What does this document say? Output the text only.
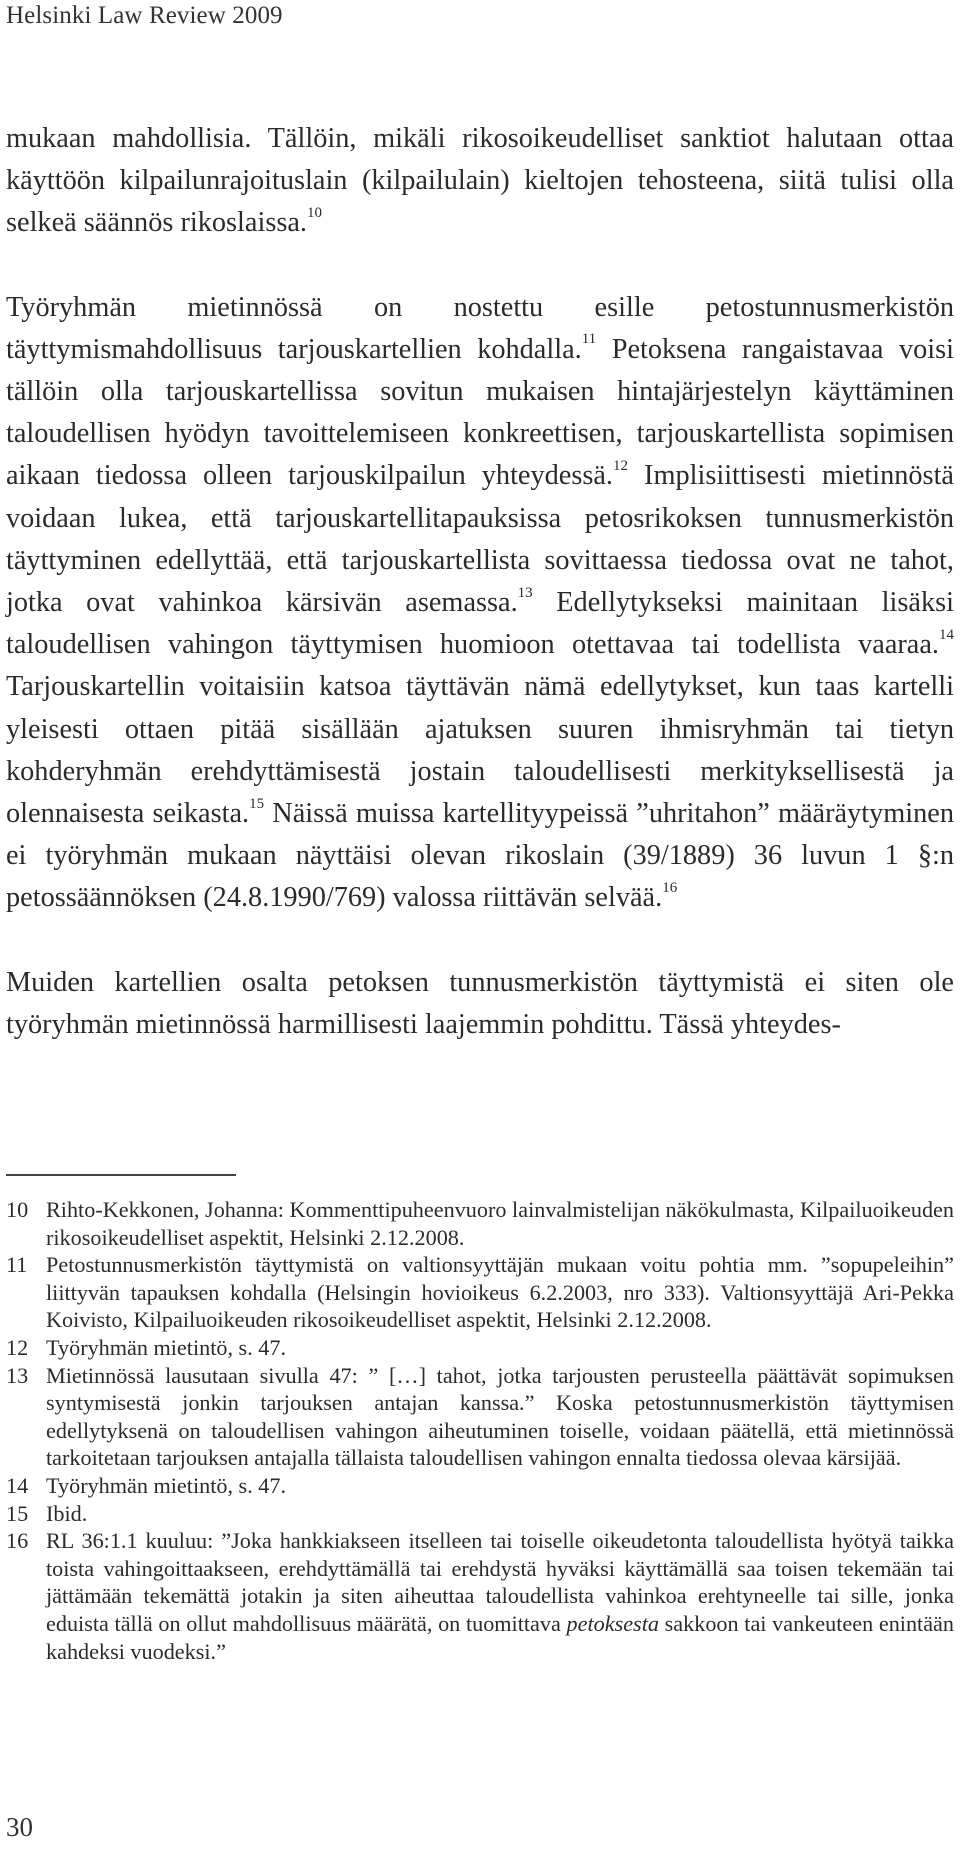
Helsinki Law Review 2009

mukaan mahdollisia. Tällöin, mikäli rikosoikeudelliset sanktiot halutaan ottaa käyttöön kilpailunrajoituslain (kilpailulain) kieltojen tehosteena, siitä tulisi olla selkeä säännös rikoslaissa.$^{10}$

Työryhmän mietinnössä on nostettu esille petostunnusmerkistön täyttymismahdollisuus tarjouskartellien kohdalla.$^{11}$ Petoksena rangaistavaa voisi tällöin olla tarjouskartellissa sovitun mukaisen hintajärjestelyn käyttäminen taloudellisen hyödyn tavoittelemiseen konkreettisen, tarjouskartellista sopimisen aikaan tiedossa olleen tarjouskilpailun yhteydessä.$^{12}$ Implisiittisesti mietinnöstä voidaan lukea, että tarjouskartellitapauksissa petosrikoksen tunnusmerkistön täyttyminen edellyttää, että tarjouskartellista sovittaessa tiedossa ovat ne tahot, jotka ovat vahinkoa kärsivän asemassa.$^{13}$ Edellytykseksi mainitaan lisäksi taloudellisen vahingon täyttymisen huomioon otettavaa tai todellista vaaraa.$^{14}$ Tarjouskartellin voitaisiin katsoa täyttävän nämä edellytykset, kun taas kartelli yleisesti ottaen pitää sisällään ajatuksen suuren ihmisryhmän tai tietyn kohderyhmän erehdyttämisestä jostain taloudellisesti merkityksellisestä ja olennaisesta seikasta.$^{15}$ Näissä muissa kartellityypeissä ”uhritahon” määräytyminen ei työryhmän mukaan näyttäisi olevan rikoslain (39/1889) 36 luvun 1 §:n petossäännöksen (24.8.1990/769) valossa riittävän selvää.$^{16}$

Muiden kartellien osalta petoksen tunnusmerkistön täyttymistä ei siten ole työryhmän mietinnössä harmillisesti laajemmin pohdittu. Tässä yhteydes-

10 Rihto-Kekkonen, Johanna: Kommenttipuheenvuoro lainvalmistelijan näkökulmasta, Kilpailuoikeuden rikosoikeudelliset aspektit, Helsinki 2.12.2008.
11 Petostunnusmerkistön täyttymistä on valtionsyyttäjän mukaan voitu pohtia mm. ”sopupeleihin” liittyvän tapauksen kohdalla (Helsingin hovioikeus 6.2.2003, nro 333). Valtionsyyttäjä Ari-Pekka Koivisto, Kilpailuoikeuden rikosoikeudelliset aspektit, Helsinki 2.12.2008.
12 Työryhmän mietintö, s. 47.
13 Mietinnössä lausutaan sivulla 47: ” […] tahot, jotka tarjousten perusteella päättävät sopimuksen syntymisestä jonkin tarjouksen antajan kanssa.” Koska petostunnusmerkistön täyttymisen edellytyksenä on taloudellisen vahingon aiheutuminen toiselle, voidaan päätellä, että mietinnössä tarkoitetaan tarjouksen antajalla tällaista taloudellisen vahingon ennalta tiedossa olevaa kärsijää.
14 Työryhmän mietintö, s. 47.
15 Ibid.
16 RL 36:1.1 kuuluu: ”Joka hankkiakseen itselleen tai toiselle oikeudetonta taloudellista hyötyä taikka toista vahingoittaakseen, erehdyttämällä tai erehdystä hyväksi käyttämällä saa toisen tekemään tai jättämään tekemättä jotakin ja siten aiheuttaa taloudellista vahinkoa erehtyneelle tai sille, jonka eduista tällä on ollut mahdollisuus määrätä, on tuomittava petoksesta sakkoon tai vankeuteen enintään kahdeksi vuodeksi.”
30
